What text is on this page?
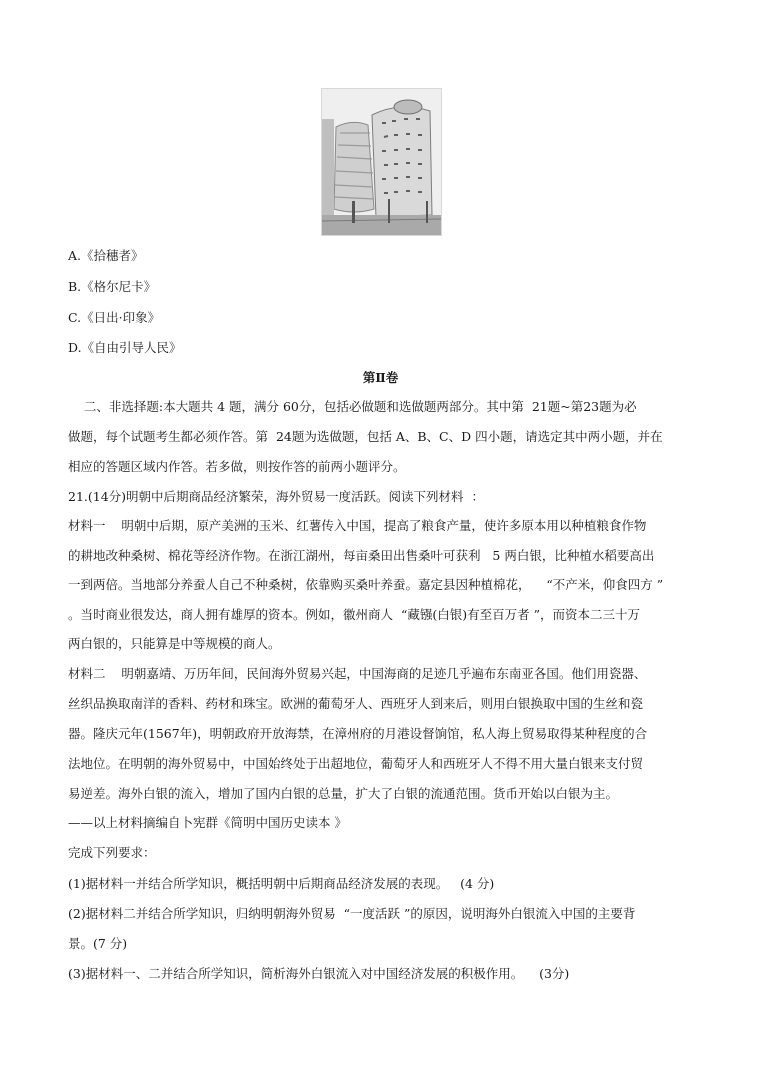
A.《拾穗者》
B.《格尔尼卡》
C.《日出·印象》
D.《自由引导人民》
第Ⅱ卷
二、非选择题:本大题共 4 题，满分 60分，包括必做题和选做题两部分。其中第  21题~第23题为必
做题，每个试题考生都必须作答。第  24题为选做题，包括 A、B、C、D 四小题，请选定其中两小题，并在
相应的答题区域内作答。若多做，则按作答的前两小题评分。
21.(14分)明朝中后期商品经济繁荣，海外贸易一度活跃。阅读下列材料  ：
材料一    明朝中后期，原产美洲的玉米、红薯传入中国，提高了粮食产量，使许多原本用以种植粮食作物
的耕地改种桑树、棉花等经济作物。在浙江湖州，每亩桑田出售桑叶可获利   5 两白银，比种植水稻要高出
一到两倍。当地部分养蚕人自己不种桑树，依靠购买桑叶养蚕。嘉定县因种植棉花，    “不产米，仰食四方 ”
。当时商业很发达，商人拥有雄厚的资本。例如，徽州商人  “藏镪(白银)有至百万者 ”，而资本二三十万
两白银的，只能算是中等规模的商人。
材料二    明朝嘉靖、万历年间，民间海外贸易兴起，中国海商的足迹几乎遍布东南亚各国。他们用瓷器、
丝织品换取南洋的香料、药材和珠宝。欧洲的葡萄牙人、西班牙人到来后，则用白银换取中国的生丝和瓷
器。隆庆元年(1567年)，明朝政府开放海禁，在漳州府的月港设督饷馆，私人海上贸易取得某种程度的合
法地位。在明朝的海外贸易中，中国始终处于出超地位，葡萄牙人和西班牙人不得不用大量白银来支付贸
易逆差。海外白银的流入，增加了国内白银的总量，扩大了白银的流通范围。货币开始以白银为主。
——以上材料摘编自卜宪群《简明中国历史读本 》
完成下列要求：
(1)据材料一并结合所学知识，概括明朝中后期商品经济发展的表现。   (4 分)
(2)据材料二并结合所学知识，归纳明朝海外贸易  “一度活跃 ”的原因，说明海外白银流入中国的主要背
景。(7 分)
(3)据材料一、二并结合所学知识，简析海外白银流入对中国经济发展的积极作用。    (3分)
